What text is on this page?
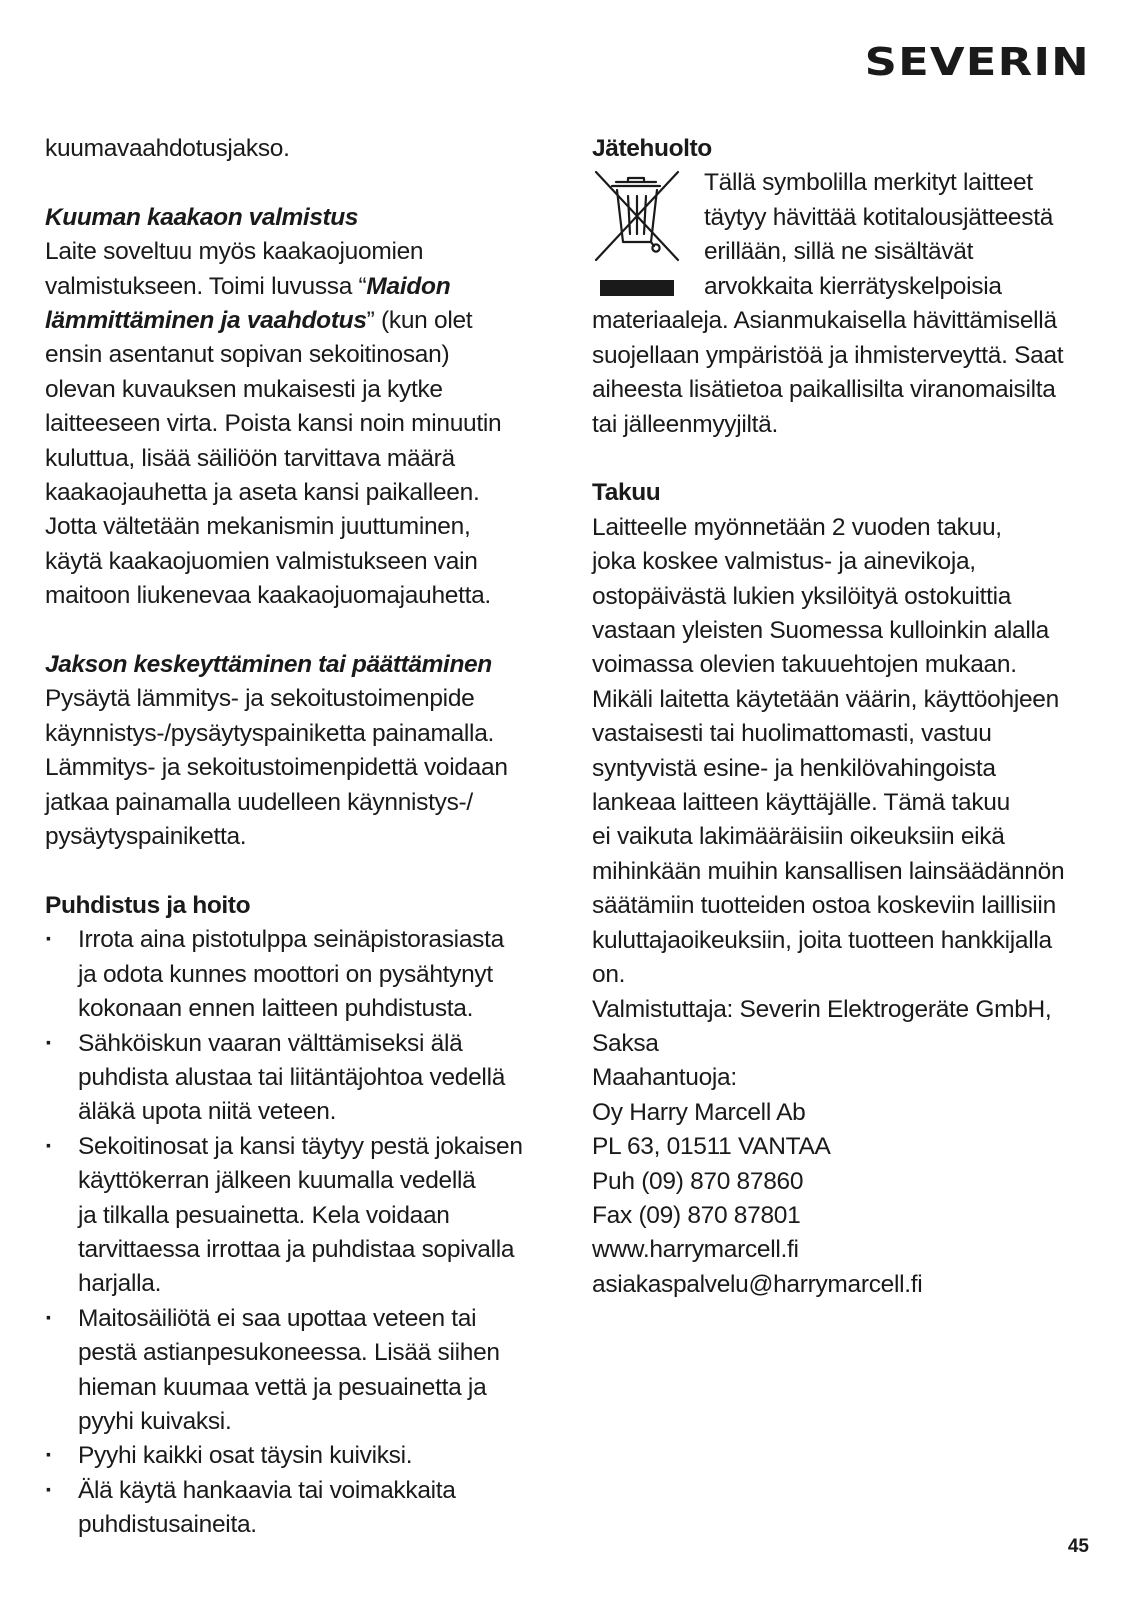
SEVERIN
kuumavaahdotusjakso.
Kuuman kaakaon valmistus
Laite soveltuu myös kaakaojuomien
valmistukseen. Toimi luvussa “Maidon
lämmittäminen ja vaahdotus” (kun olet
ensin asentanut sopivan sekoitinosan)
olevan kuvauksen mukaisesti ja kytke
laitteeseen virta. Poista kansi noin minuutin
kuluttua, lisää säiliöön tarvittava määrä
kaakaojauhetta ja aseta kansi paikalleen.
Jotta vältetään mekanismin juuttuminen,
käytä kaakaojuomien valmistukseen vain
maitoon liukenevaa kaakaojuomajauhetta.
Jakson keskeyttäminen tai päättäminen
Pysäytä lämmitys- ja sekoitustoimenpide
käynnistys-/pysäytyspainiketta painamalla.
Lämmitys- ja sekoitustoimenpidettä voidaan
jatkaa painamalla uudelleen käynnistys-/
pysäytyspainiketta.
Puhdistus ja hoito
· Irrota aina pistotulppa seinäpistorasiasta
ja odota kunnes moottori on pysähtynyt
kokonaan ennen laitteen puhdistusta.
· Sähköiskun vaaran välttämiseksi älä
puhdista alustaa tai liitäntäjohtoa vedellä
äläkä upota niitä veteen.
· Sekoitinosat ja kansi täytyy pestä jokaisen
käyttökerran jälkeen kuumalla vedellä
ja tilkalla pesuainetta. Kela voidaan
tarvittaessa irrottaa ja puhdistaa sopivalla
harjalla.
· Maitosäiliötä ei saa upottaa veteen tai
pestä astianpesukoneessa. Lisää siihen
hieman kuumaa vettä ja pesuainetta ja
pyyhi kuivaksi.
· Pyyhi kaikki osat täysin kuiviksi.
· Älä käytä hankaavia tai voimakkaita
puhdistusaineita.
Jätehuolto
Tällä symbolilla merkityt laitteet
täytyy hävittää kotitalousjätteestä
erillään, sillä ne sisältävät
arvokkaita kierrätyskelpoisia
materiaaleja. Asianmukaisella hävittämisellä
suojellaan ympäristöä ja ihmisterveyttä. Saat
aiheesta lisätietoa paikallisilta viranomaisilta
tai jälleenmyyjiltä.
Takuu
Laitteelle myönnetään 2 vuoden takuu,
joka koskee valmistus- ja ainevikoja,
ostopäivästä lukien yksilöityä ostokuittia
vastaan yleisten Suomessa kulloinkin alalla
voimassa olevien takuuehtojen mukaan.
Mikäli laitetta käytetään väärin, käyttöohjeen
vastaisesti tai huolimattomasti, vastuu
syntyvistä esine- ja henkilövahingoista
lankeaa laitteen käyttäjälle. Tämä takuu
ei vaikuta lakimääräisiin oikeuksiin eikä
mihinkään muihin kansallisen lainsäädännön
säätämiin tuotteiden ostoa koskeviin laillisiin
kuluttajaoikeuksiin, joita tuotteen hankkijalla
on.
Valmistuttaja: Severin Elektrogeräte GmbH,
Saksa
Maahantuoja:
Oy Harry Marcell Ab
PL 63, 01511 VANTAA
Puh (09) 870 87860
Fax (09) 870 87801
www.harrymarcell.fi
asiakaspalvelu@harrymarcell.fi
45
